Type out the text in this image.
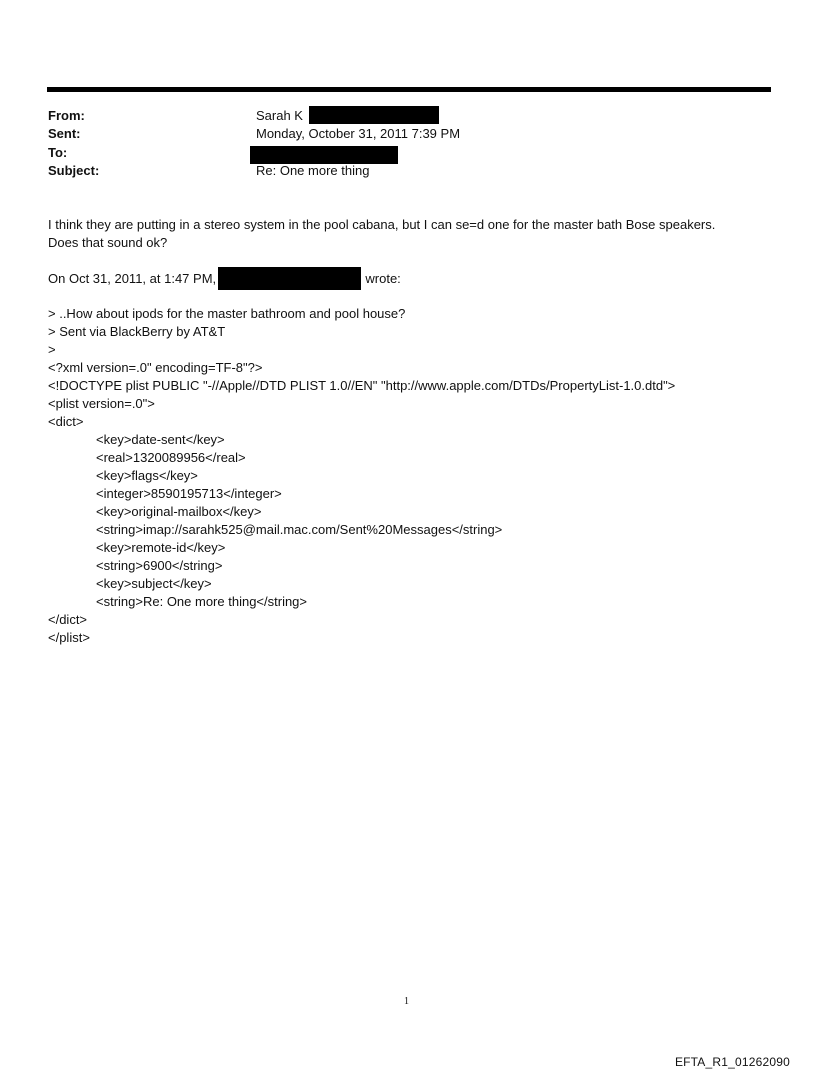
From:	Sarah K
Sent:	Monday, October 31, 2011 7:39 PM
To:
Subject:	Re: One more thing
I think they are putting in a stereo system in the pool cabana, but I can se=d one for the master bath Bose speakers.
Does that sound ok?
On Oct 31, 2011, at 1:47 PM,	wrote:
> ..How about ipods for the master bathroom and pool house?
> Sent via BlackBerry by AT&T
>
<?xml version=.0" encoding=TF-8"?>
<!DOCTYPE plist PUBLIC "-//Apple//DTD PLIST 1.0//EN" "http://www.apple.com/DTDs/PropertyList-1.0.dtd">
<plist version=.0">
<dict>
<key>date-sent</key>
<real>1320089956</real>
<key>flags</key>
<integer>8590195713</integer>
<key>original-mailbox</key>
<string>imap://sarahk525@mail.mac.com/Sent%20Messages</string>
<key>remote-id</key>
<string>6900</string>
<key>subject</key>
<string>Re: One more thing</string>
</dict>
</plist>
1
EFTA_R1_01262090
